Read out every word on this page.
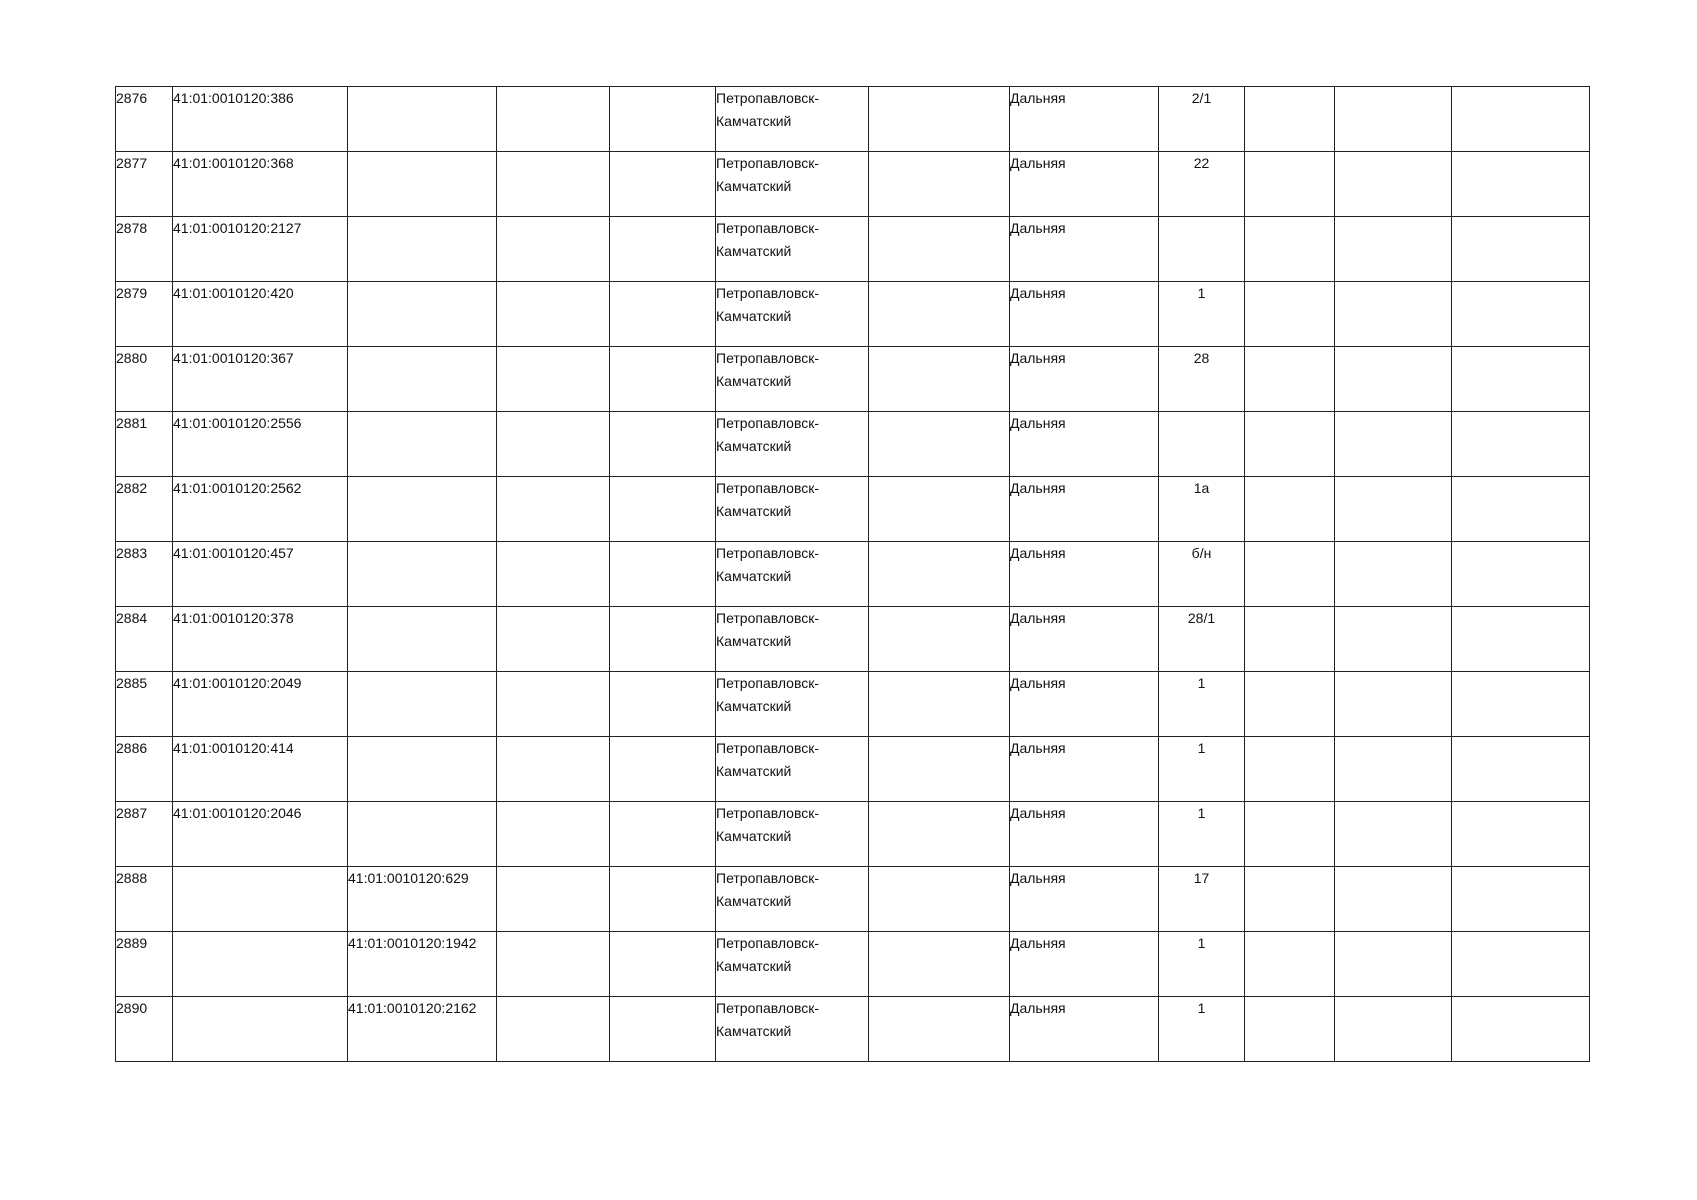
2876	41:01:0010120:386				Петропавловск-Камчатский		Дальняя	2/1			
2877	41:01:0010120:368				Петропавловск-Камчатский		Дальняя	22			
2878	41:01:0010120:2127				Петропавловск-Камчатский		Дальняя				
2879	41:01:0010120:420				Петропавловск-Камчатский		Дальняя	1			
2880	41:01:0010120:367				Петропавловск-Камчатский		Дальняя	28			
2881	41:01:0010120:2556				Петропавловск-Камчатский		Дальняя				
2882	41:01:0010120:2562				Петропавловск-Камчатский		Дальняя	1а			
2883	41:01:0010120:457				Петропавловск-Камчатский		Дальняя	б/н			
2884	41:01:0010120:378				Петропавловск-Камчатский		Дальняя	28/1			
2885	41:01:0010120:2049				Петропавловск-Камчатский		Дальняя	1			
2886	41:01:0010120:414				Петропавловск-Камчатский		Дальняя	1			
2887	41:01:0010120:2046				Петропавловск-Камчатский		Дальняя	1			
2888		41:01:0010120:629			Петропавловск-Камчатский		Дальняя	17			
2889		41:01:0010120:1942			Петропавловск-Камчатский		Дальняя	1			
2890		41:01:0010120:2162			Петропавловск-Камчатский		Дальняя	1			
